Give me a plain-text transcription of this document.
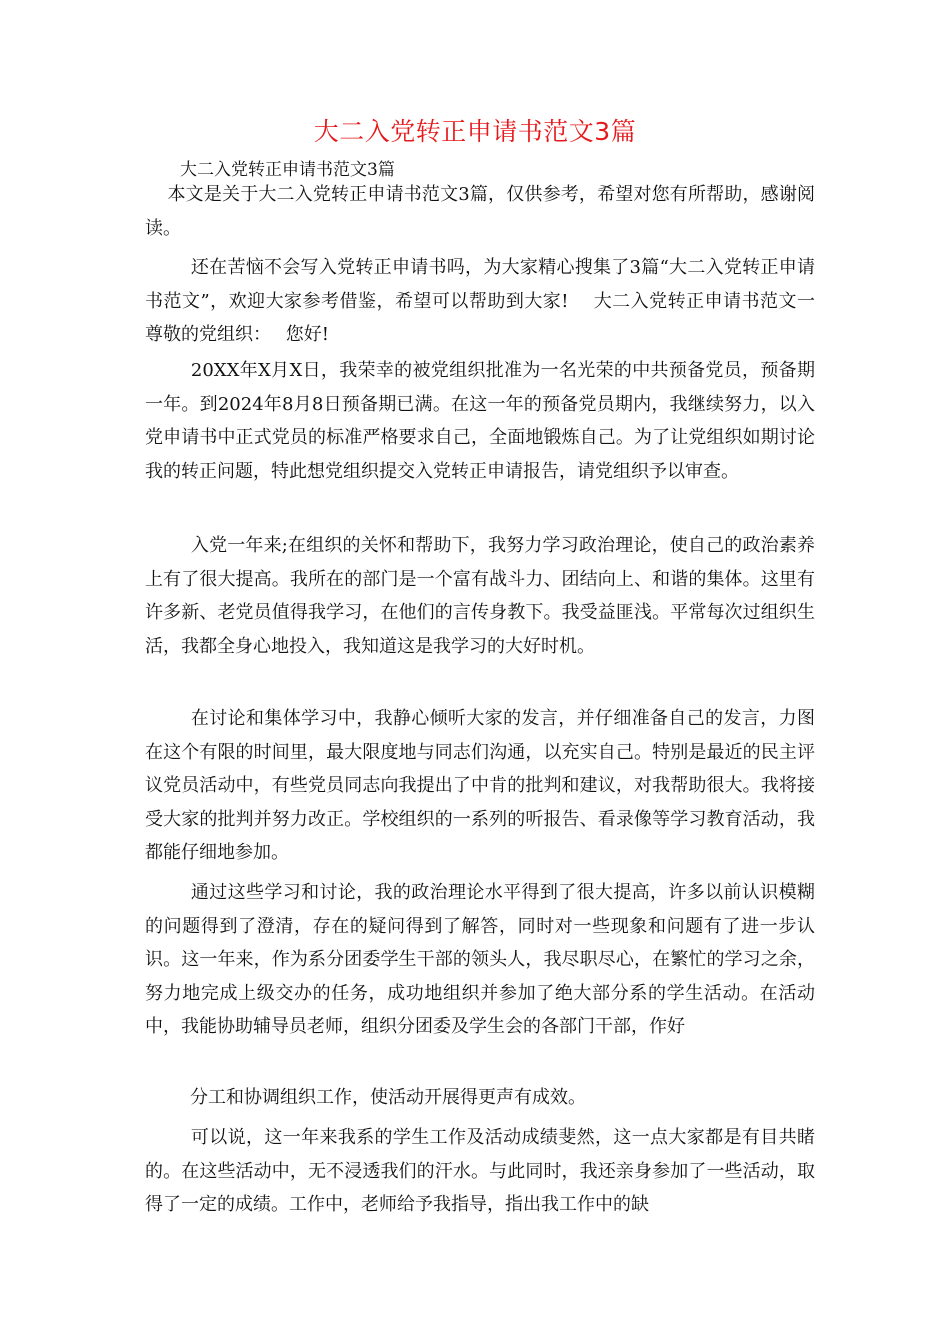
大二入党转正申请书范文3篇
大二入党转正申请书范文3篇

本文是关于大二入党转正申请书范文3篇，仅供参考，希望对您有所帮助，感谢阅读。

还在苦恼不会写入党转正申请书吗，为大家精心搜集了3篇“大二入党转正申请书范文”，欢迎大家参考借鉴，希望可以帮助到大家!　 大二入党转正申请书范文一　 尊敬的党组织：　 您好!

20XX年X月X日，我荣幸的被党组织批准为一名光荣的中共预备党员，预备期一年。到2024年8月8日预备期已满。在这一年的预备党员期内，我继续努力，以入党申请书中正式党员的标准严格要求自己，全面地锻炼自己。为了让党组织如期讨论我的转正问题，特此想党组织提交入党转正申请报告，请党组织予以审查。

入党一年来;在组织的关怀和帮助下，我努力学习政治理论，使自己的政治素养上有了很大提高。我所在的部门是一个富有战斗力、团结向上、和谐的集体。这里有许多新、老党员值得我学习，在他们的言传身教下。我受益匪浅。平常每次过组织生活，我都全身心地投入，我知道这是我学习的大好时机。

在讨论和集体学习中，我静心倾听大家的发言，并仔细准备自己的发言，力图在这个有限的时间里，最大限度地与同志们沟通，以充实自己。特别是最近的民主评议党员活动中，有些党员同志向我提出了中肯的批判和建议，对我帮助很大。我将接受大家的批判并努力改正。学校组织的一系列的听报告、看录像等学习教育活动，我都能仔细地参加。

通过这些学习和讨论，我的政治理论水平得到了很大提高，许多以前认识模糊的问题得到了澄清，存在的疑问得到了解答，同时对一些现象和问题有了进一步认识。这一年来，作为系分团委学生干部的领头人，我尽职尽心，在繁忙的学习之余，努力地完成上级交办的任务，成功地组织并参加了绝大部分系的学生活动。在活动中，我能协助辅导员老师，组织分团委及学生会的各部门干部，作好

分工和协调组织工作，使活动开展得更声有成效。

可以说，这一年来我系的学生工作及活动成绩斐然，这一点大家都是有目共睹的。在这些活动中，无不浸透我们的汗水。与此同时，我还亲身参加了一些活动，取得了一定的成绩。工作中，老师给予我指导，指出我工作中的缺
